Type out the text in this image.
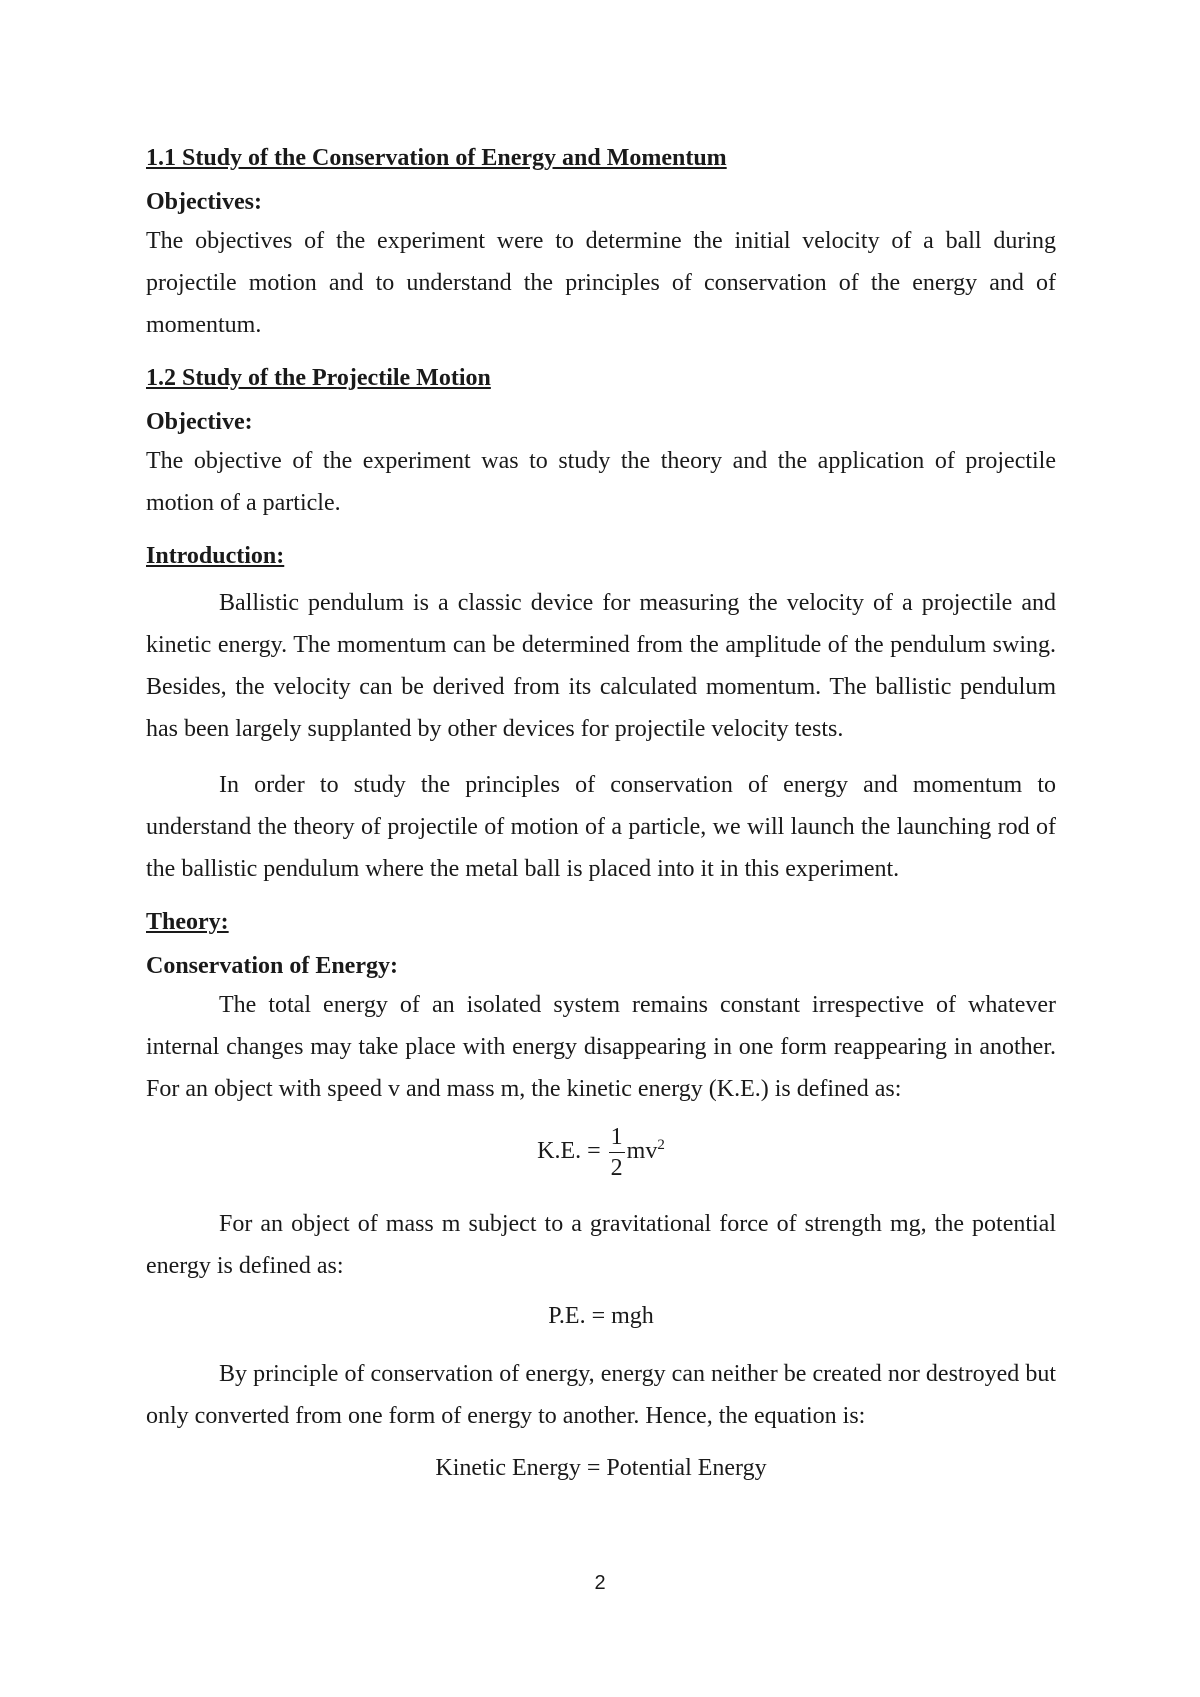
1.1 Study of the Conservation of Energy and Momentum
Objectives:

The objectives of the experiment were to determine the initial velocity of a ball during projectile motion and to understand the principles of conservation of the energy and of momentum.

1.2 Study of the Projectile Motion
Objective:

The objective of the experiment was to study the theory and the application of projectile motion of a particle.

Introduction:

Ballistic pendulum is a classic device for measuring the velocity of a projectile and kinetic energy. The momentum can be determined from the amplitude of the pendulum swing. Besides, the velocity can be derived from its calculated momentum. The ballistic pendulum has been largely supplanted by other devices for projectile velocity tests.

In order to study the principles of conservation of energy and momentum to understand the theory of projectile of motion of a particle, we will launch the launching rod of the ballistic pendulum where the metal ball is placed into it in this experiment.

Theory:
Conservation of Energy:

The total energy of an isolated system remains constant irrespective of whatever internal changes may take place with energy disappearing in one form reappearing in another. For an object with speed v and mass m, the kinetic energy (K.E.) is defined as:

K.E. = $\frac{1}{2} mv^2$

For an object of mass m subject to a gravitational force of strength mg, the potential energy is defined as:

P.E. = mgh

By principle of conservation of energy, energy can neither be created nor destroyed but only converted from one form of energy to another. Hence, the equation is:

Kinetic Energy = Potential Energy
2
